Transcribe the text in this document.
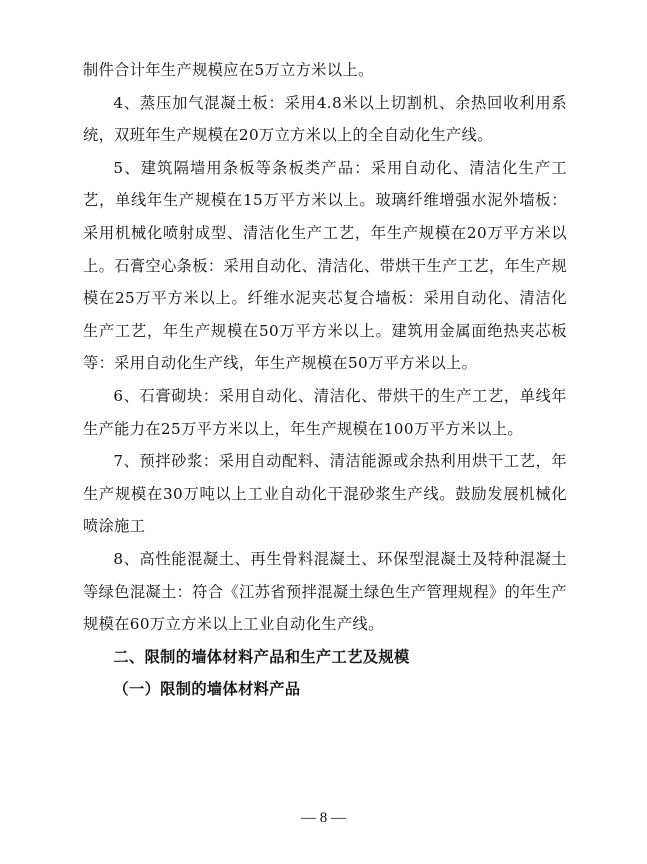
制件合计年生产规模应在5万立方米以上。

4、蒸压加气混凝土板：采用4.8米以上切割机、余热回收利用系统，双班年生产规模在20万立方米以上的全自动化生产线。

5、建筑隔墙用条板等条板类产品：采用自动化、清洁化生产工艺，单线年生产规模在15万平方米以上。玻璃纤维增强水泥外墙板：采用机械化喷射成型、清洁化生产工艺，年生产规模在20万平方米以上。石膏空心条板：采用自动化、清洁化、带烘干生产工艺，年生产规模在25万平方米以上。纤维水泥夹芯复合墙板：采用自动化、清洁化生产工艺，年生产规模在50万平方米以上。建筑用金属面绝热夹芯板等：采用自动化生产线，年生产规模在50万平方米以上。

6、石膏砌块：采用自动化、清洁化、带烘干的生产工艺，单线年生产能力在25万平方米以上，年生产规模在100万平方米以上。

7、预拌砂浆：采用自动配料、清洁能源或余热利用烘干工艺，年生产规模在30万吨以上工业自动化干混砂浆生产线。鼓励发展机械化喷涂施工

8、高性能混凝土、再生骨料混凝土、环保型混凝土及特种混凝土等绿色混凝土：符合《江苏省预拌混凝土绿色生产管理规程》的年生产规模在60万立方米以上工业自动化生产线。

二、限制的墙体材料产品和生产工艺及规模

（一）限制的墙体材料产品

— 8 —
